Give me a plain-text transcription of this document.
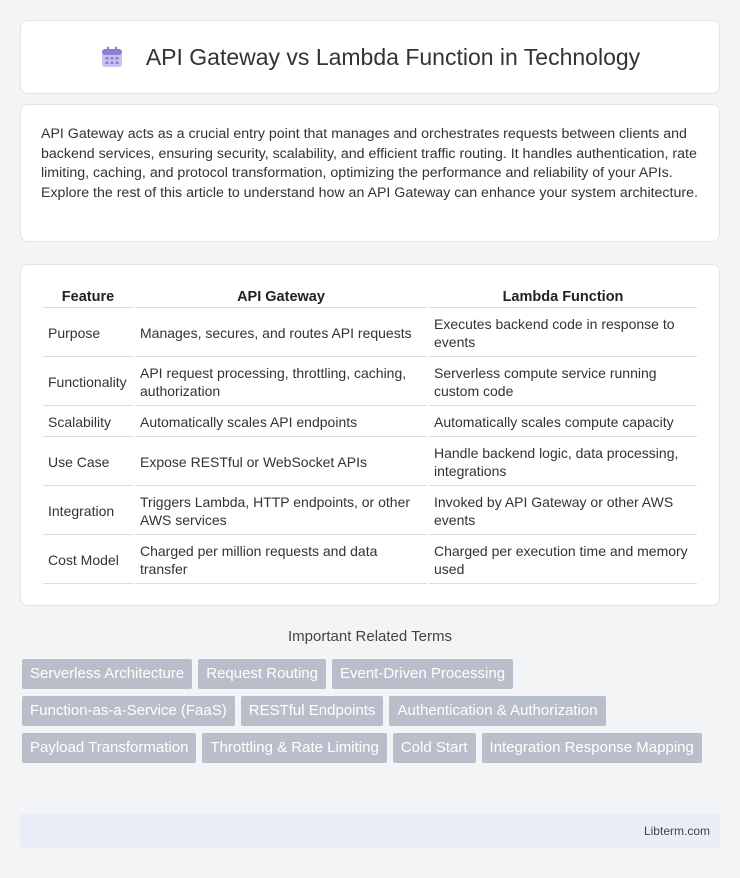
API Gateway vs Lambda Function in Technology

API Gateway acts as a crucial entry point that manages and orchestrates requests between clients and backend services, ensuring security, scalability, and efficient traffic routing. It handles authentication, rate limiting, caching, and protocol transformation, optimizing the performance and reliability of your APIs. Explore the rest of this article to understand how an API Gateway can enhance your system architecture.

Feature	API Gateway	Lambda Function
Purpose	Manages, secures, and routes API requests	Executes backend code in response to events
Functionality	API request processing, throttling, caching, authorization	Serverless compute service running custom code
Scalability	Automatically scales API endpoints	Automatically scales compute capacity
Use Case	Expose RESTful or WebSocket APIs	Handle backend logic, data processing, integrations
Integration	Triggers Lambda, HTTP endpoints, or other AWS services	Invoked by API Gateway or other AWS events
Cost Model	Charged per million requests and data transfer	Charged per execution time and memory used
Important Related Terms
Serverless Architecture	Request Routing	Event-Driven Processing
Function-as-a-Service (FaaS)	RESTful Endpoints	Authentication & Authorization
Payload Transformation	Throttling & Rate Limiting	Cold Start	Integration Response Mapping
Libterm.com
